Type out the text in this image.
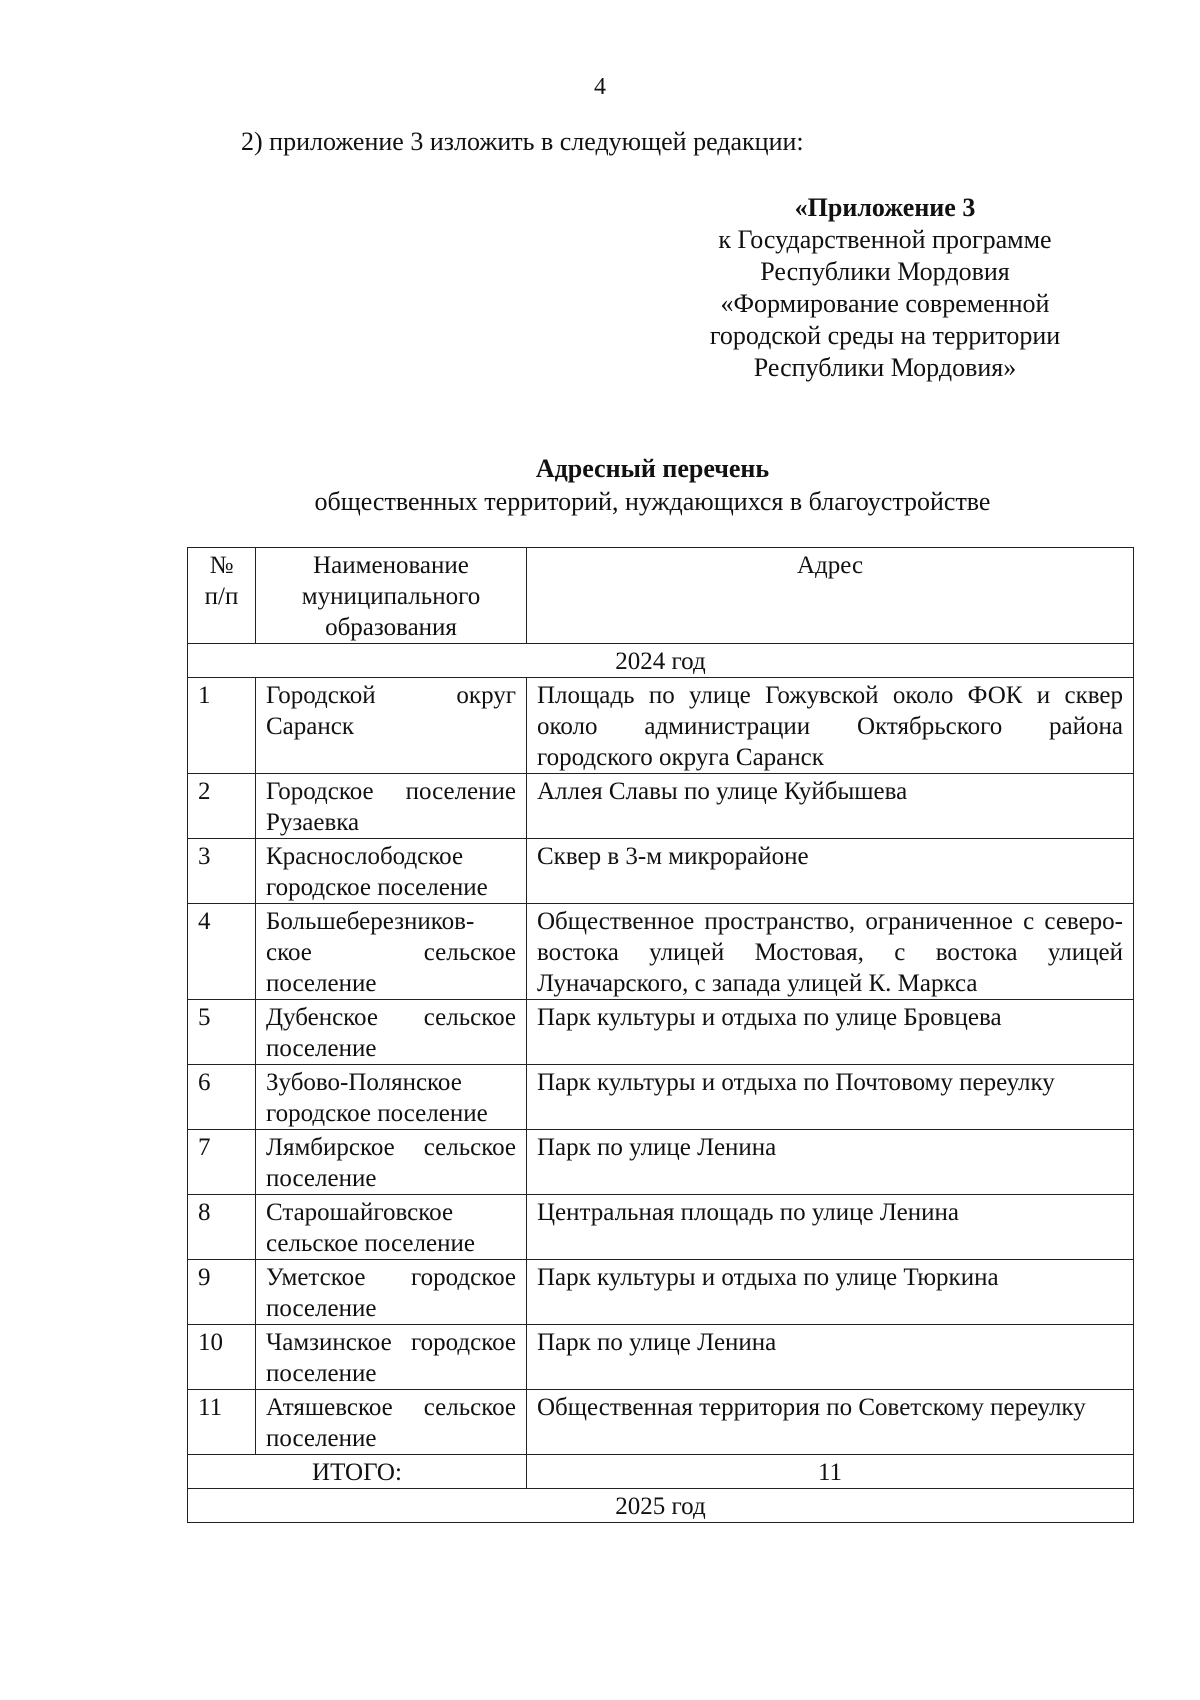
4
2) приложение 3 изложить в следующей редакции:
«Приложение 3
к Государственной программе
Республики Мордовия
«Формирование современной
городской среды на территории
Республики Мордовия»
Адресный перечень
общественных территорий, нуждающихся в благоустройстве
№ п/п	Наименование муниципального образования	Адрес
2024 год		
1	Городской округ Саранск	Площадь по улице Гожувской около ФОК и сквер около администрации Октябрьского района городского округа Саранск
2	Городское поселение Рузаевка	Аллея Славы по улице Куйбышева
3	Краснослободское городское поселение	Сквер в 3-м микрорайоне
4	Большеберезников-ское сельское поселение	Общественное пространство, ограниченное с северо-востока улицей Мостовая, с востока улицей Луначарского, с запада улицей К. Маркса
5	Дубенское сельское поселение	Парк культуры и отдыха по улице Бровцева
6	Зубово-Полянское городское поселение	Парк культуры и отдыха по Почтовому переулку
7	Лямбирское сельское поселение	Парк по улице Ленина
8	Старошайговское сельское поселение	Центральная площадь по улице Ленина
9	Уметское городское поселение	Парк культуры и отдыха по улице Тюркина
10	Чамзинское городское поселение	Парк по улице Ленина
11	Атяшевское сельское поселение	Общественная территория по Советскому переулку
ИТОГО:		11
2025 год		
